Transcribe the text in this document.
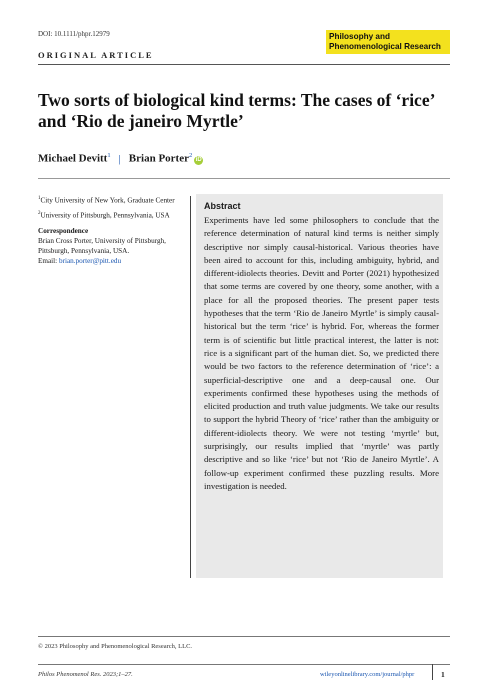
DOI: 10.1111/phpr.12979	Philosophy and
Phenomenological Research
ORIGINAL ARTICLE
Two sorts of biological kind terms: The cases of ‘rice’ and ‘Rio de janeiro Myrtle’
Michael Devitt$^1$ | Brian Porter$^2$iD
$^1$City University of New York, Graduate Center
$^2$University of Pittsburgh, Pennsylvania, USA
Correspondence
Brian Cross Porter, University of Pittsburgh, Pittsburgh, Pennsylvania, USA.
Email: brian.porter@pitt.edu
Abstract
Experiments have led some philosophers to conclude that the reference determination of natural kind terms is neither simply descriptive nor simply causal-historical. Various theories have been aired to account for this, including ambiguity, hybrid, and different-idiolects theories. Devitt and Porter (2021) hypothesized that some terms are covered by one theory, some another, with a place for all the proposed theories. The present paper tests hypotheses that the term ‘Rio de Janeiro Myrtle’ is simply causal-historical but the term ‘rice’ is hybrid. For, whereas the former term is of scientific but little practical interest, the latter is not: rice is a significant part of the human diet. So, we predicted there would be two factors to the reference determination of ‘rice’: a superficial-descriptive one and a deep-causal one. Our experiments confirmed these hypotheses using the methods of elicited production and truth value judgments. We take our results to support the hybrid Theory of ‘rice’ rather than the ambiguity or different-idiolects theory. We were not testing ‘myrtle’ but, surprisingly, our results implied that ‘myrtle’ was partly descriptive and so like ‘rice’ but not ‘Rio de Janeiro Myrtle’. A follow-up experiment confirmed these puzzling results. More investigation is needed.
© 2023 Philosophy and Phenomenological Research, LLC.
Philos Phenomenol Res. 2023;1–27.	wileyonlinelibrary.com/journal/phpr	1
